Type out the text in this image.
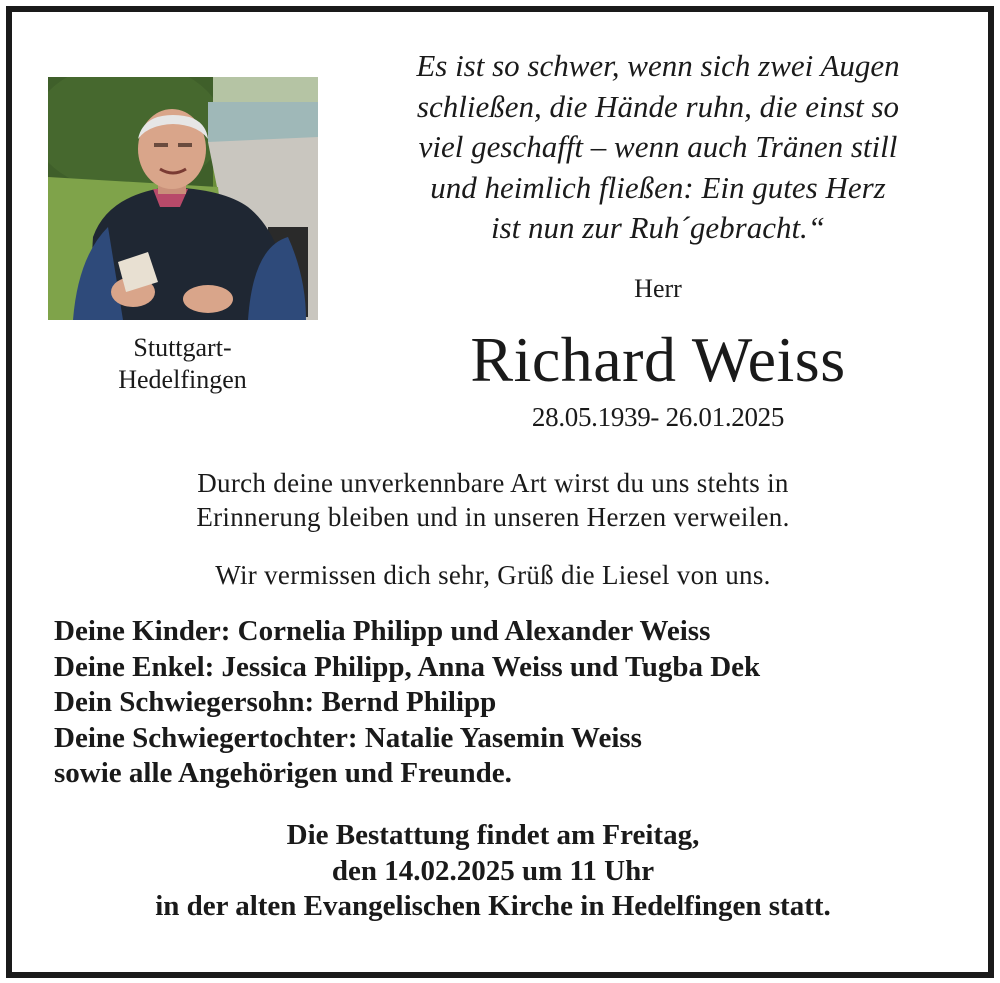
Stuttgart-
Hedelfingen
Es ist so schwer, wenn sich zwei Augen
schließen, die Hände ruhn, die einst so
viel geschafft – wenn auch Tränen still
und heimlich fließen: Ein gutes Herz
ist nun zur Ruh´gebracht.“
Herr
Richard Weiss
28.05.1939- 26.01.2025
Durch deine unverkennbare Art wirst du uns stehts in
Erinnerung bleiben und in unseren Herzen verweilen.
Wir vermissen dich sehr, Grüß die Liesel von uns.
Deine Kinder: Cornelia Philipp und Alexander Weiss
Deine Enkel: Jessica Philipp, Anna Weiss und Tugba Dek
Dein Schwiegersohn: Bernd Philipp
Deine Schwiegertochter: Natalie Yasemin Weiss
sowie alle Angehörigen und Freunde.
Die Bestattung findet am Freitag,
den 14.02.2025 um 11 Uhr
in der alten Evangelischen Kirche in Hedelfingen statt.
